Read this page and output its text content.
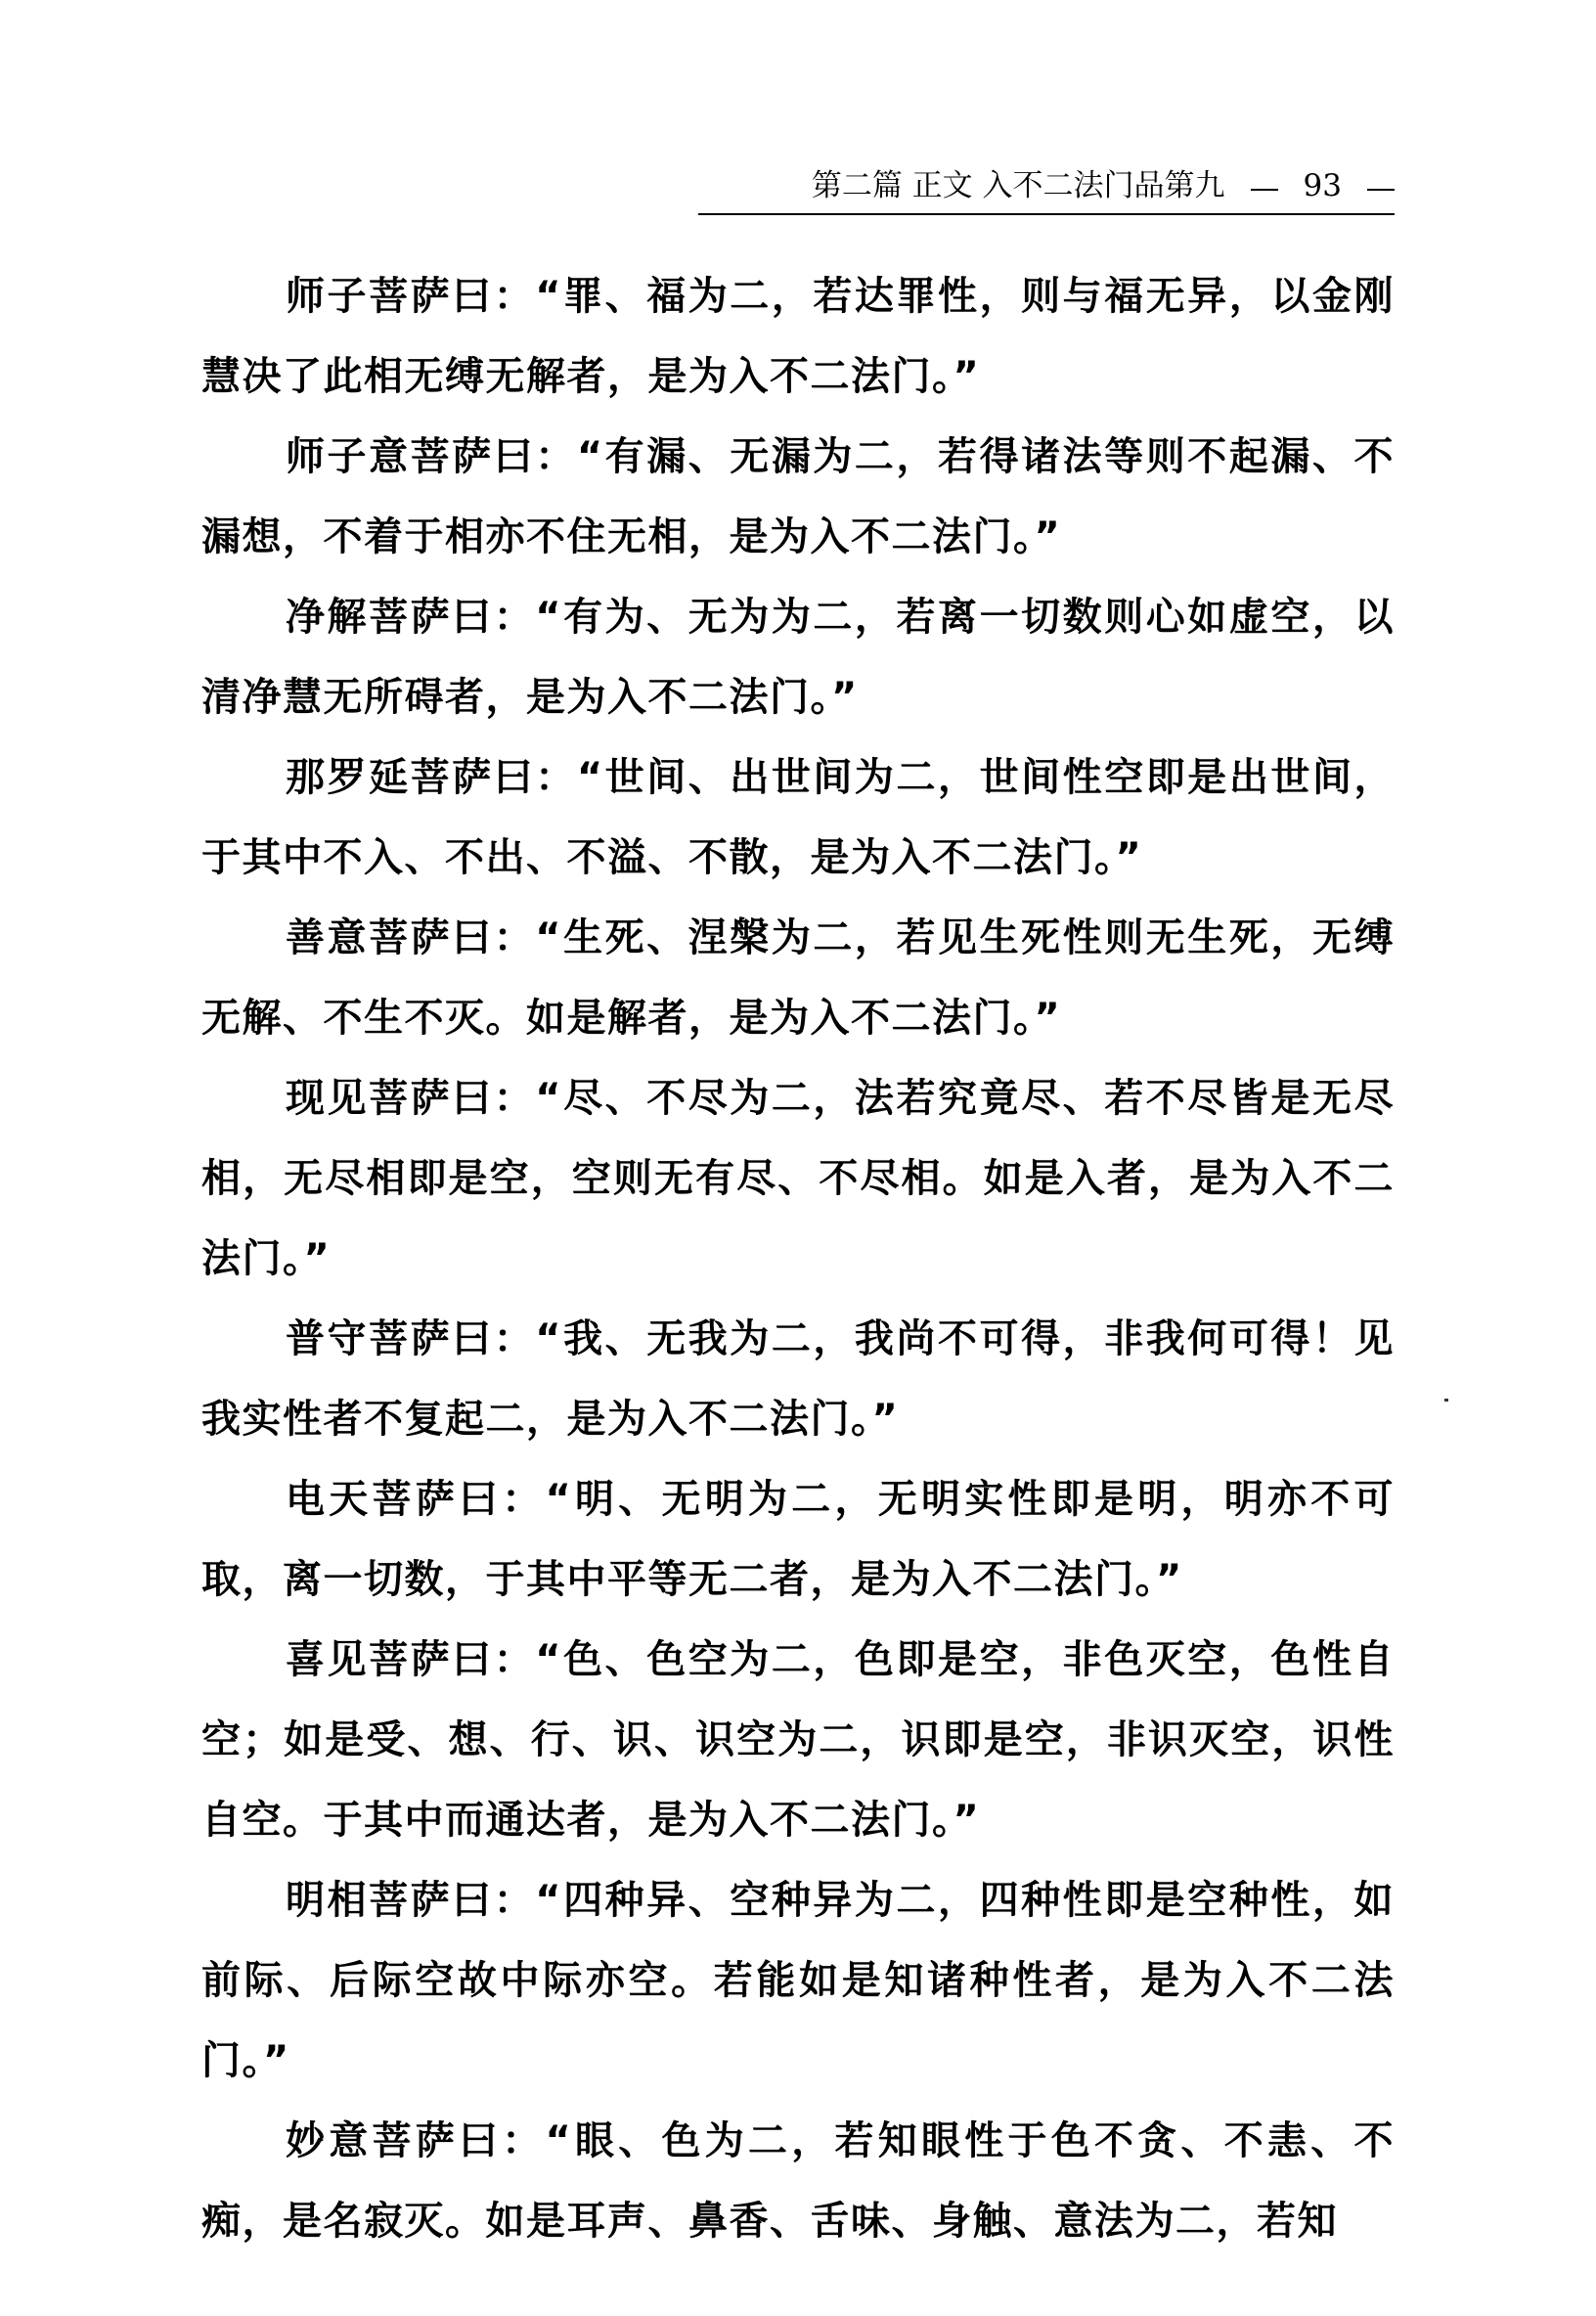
第二篇 正文 入不二法门品第九	93

师子菩萨曰：“罪、福为二，若达罪性，则与福无异，以金刚慧决了此相无缚无解者，是为入不二法门。”

师子意菩萨曰：“有漏、无漏为二，若得诸法等则不起漏、不漏想，不着于相亦不住无相，是为入不二法门。”

净解菩萨曰：“有为、无为为二，若离一切数则心如虚空，以清净慧无所碍者，是为入不二法门。”

那罗延菩萨曰：“世间、出世间为二，世间性空即是出世间，于其中不入、不出、不溢、不散，是为入不二法门。”

善意菩萨曰：“生死、涅槃为二，若见生死性则无生死，无缚无解、不生不灭。如是解者，是为入不二法门。”

现见菩萨曰：“尽、不尽为二，法若究竟尽、若不尽皆是无尽相，无尽相即是空，空则无有尽、不尽相。如是入者，是为入不二法门。”

普守菩萨曰：“我、无我为二，我尚不可得，非我何可得！见我实性者不复起二，是为入不二法门。”

电天菩萨曰：“明、无明为二，无明实性即是明，明亦不可取，离一切数，于其中平等无二者，是为入不二法门。”

喜见菩萨曰：“色、色空为二，色即是空，非色灭空，色性自空；如是受、想、行、识、识空为二，识即是空，非识灭空，识性自空。于其中而通达者，是为入不二法门。”

明相菩萨曰：“四种异、空种异为二，四种性即是空种性，如前际、后际空故中际亦空。若能如是知诸种性者，是为入不二法门。”

妙意菩萨曰：“眼、色为二，若知眼性于色不贪、不恚、不痴，是名寂灭。如是耳声、鼻香、舌味、身触、意法为二，若知
